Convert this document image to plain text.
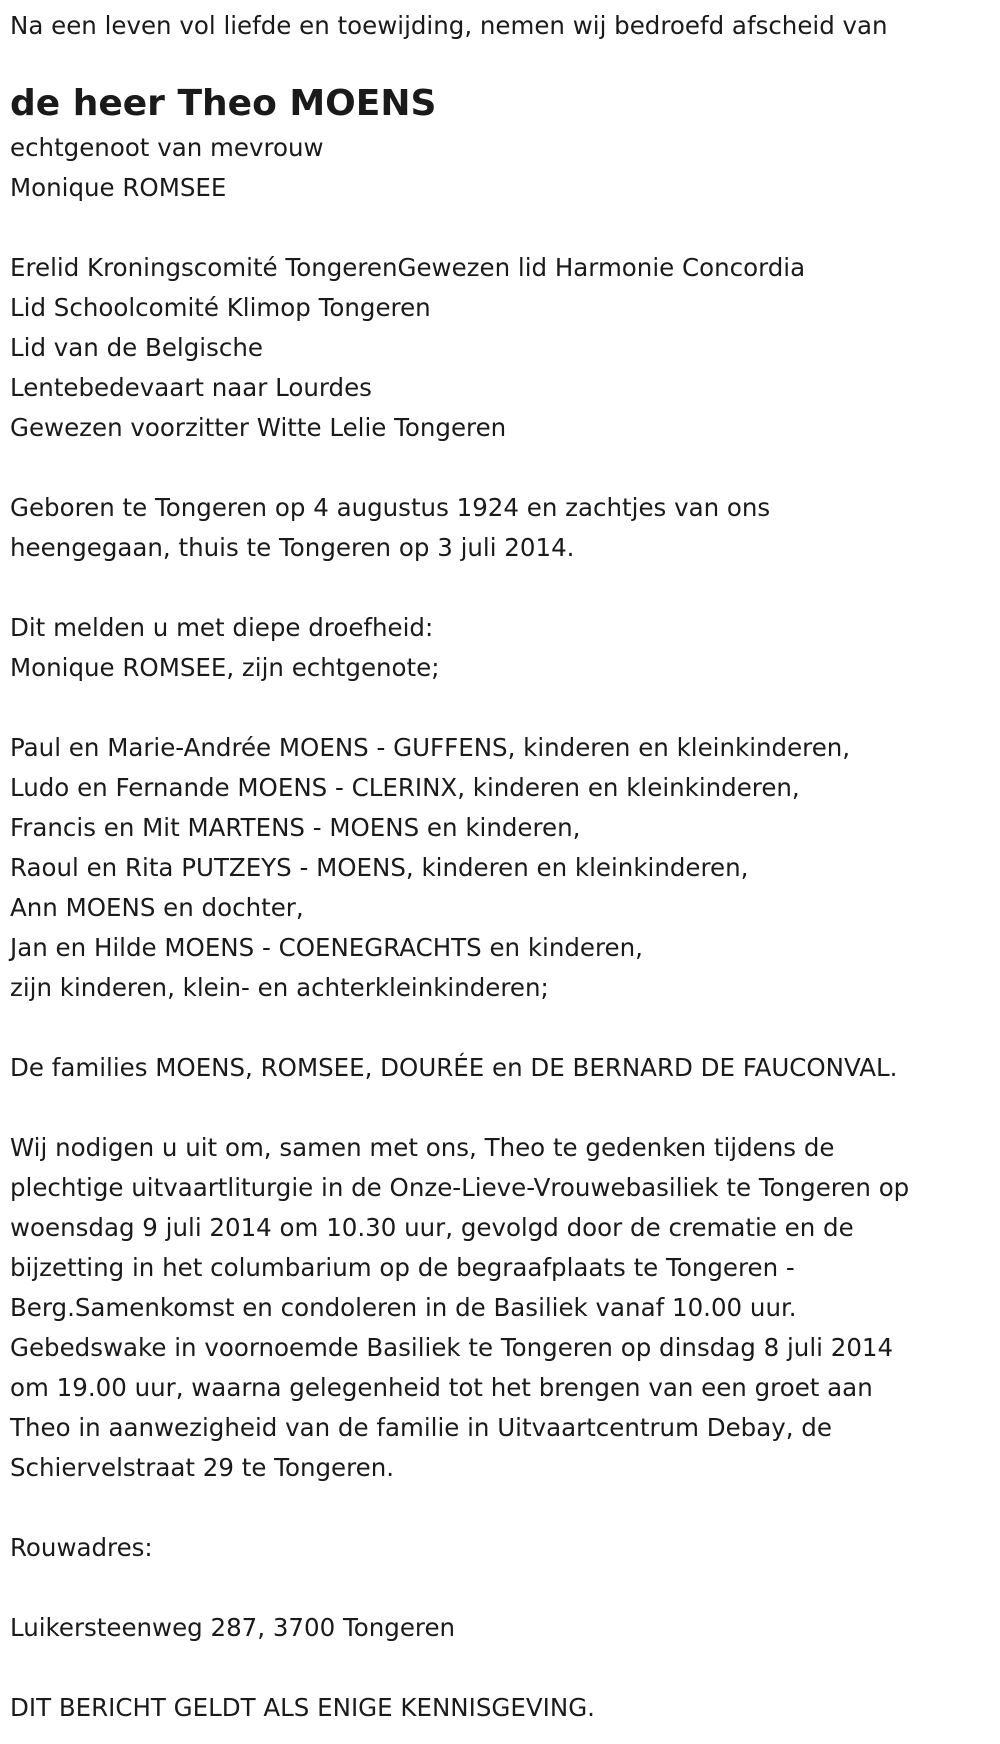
Na een leven vol liefde en toewijding, nemen wij bedroefd afscheid van

de heer Theo MOENS

echtgenoot van mevrouw

Monique ROMSEE

Erelid Kroningscomité TongerenGewezen lid Harmonie Concordia

Lid Schoolcomité Klimop Tongeren

Lid van de Belgische

Lentebedevaart naar Lourdes

Gewezen voorzitter Witte Lelie Tongeren

Geboren te Tongeren op 4 augustus 1924 en zachtjes van ons

heengegaan, thuis te Tongeren op 3 juli 2014.

Dit melden u met diepe droefheid:

Monique ROMSEE, zijn echtgenote;

Paul en Marie-Andrée MOENS - GUFFENS, kinderen en kleinkinderen,

Ludo en Fernande MOENS - CLERINX, kinderen en kleinkinderen,

Francis en Mit MARTENS - MOENS en kinderen,

Raoul en Rita PUTZEYS - MOENS, kinderen en kleinkinderen,

Ann MOENS en dochter,

Jan en Hilde MOENS - COENEGRACHTS en kinderen,

zijn kinderen, klein- en achterkleinkinderen;

De families MOENS, ROMSEE, DOURÉE en DE BERNARD DE FAUCONVAL.

Wij nodigen u uit om, samen met ons, Theo te gedenken tijdens de

plechtige uitvaartliturgie in de Onze-Lieve-Vrouwebasiliek te Tongeren op

woensdag 9 juli 2014 om 10.30 uur, gevolgd door de crematie en de

bijzetting in het columbarium op de begraafplaats te Tongeren -

Berg.Samenkomst en condoleren in de Basiliek vanaf 10.00 uur.

Gebedswake in voornoemde Basiliek te Tongeren op dinsdag 8 juli 2014

om 19.00 uur, waarna gelegenheid tot het brengen van een groet aan

Theo in aanwezigheid van de familie in Uitvaartcentrum Debay, de

Schiervelstraat 29 te Tongeren.

Rouwadres:

Luikersteenweg 287, 3700 Tongeren

DIT BERICHT GELDT ALS ENIGE KENNISGEVING.
